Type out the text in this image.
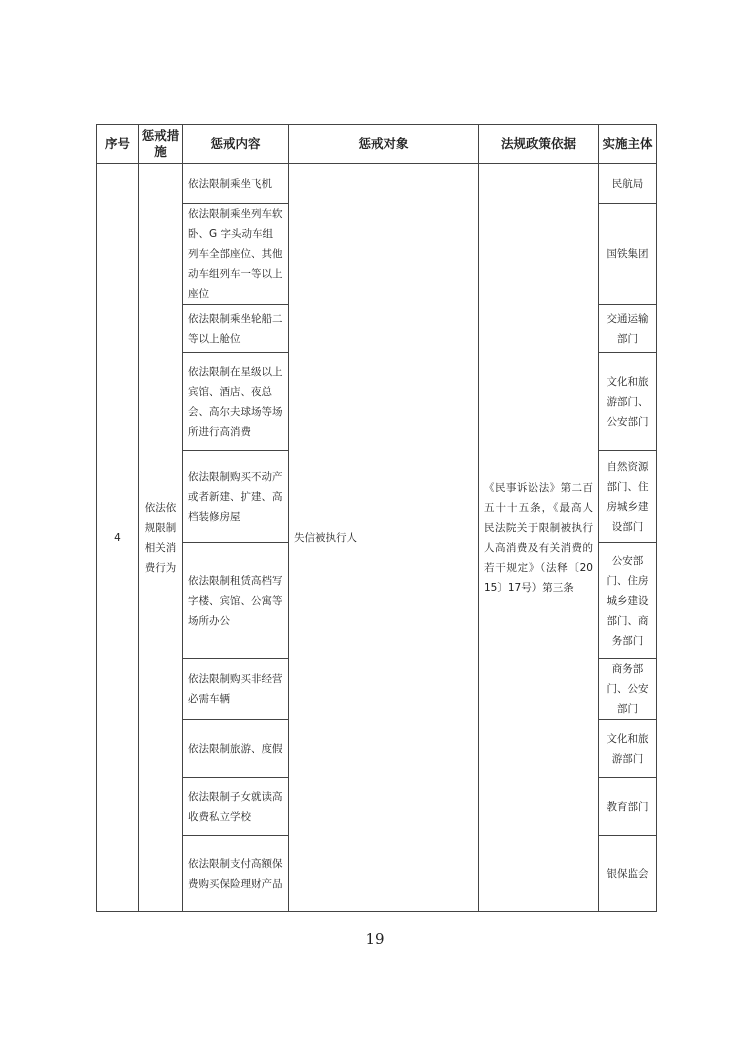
序号	惩戒措施	惩戒内容	惩戒对象	法规政策依据	实施主体
4	依法依规限制相关消费行为	依法限制乘坐飞机	失信被执行人	《民事诉讼法》第二百五十十五条，《最高人民法院关于限制被执行人高消费及有关消费的若干规定》（法释〔2015〕17号）第三条	民航局
		依法限制乘坐列车软卧、G 字头动车组列车全部座位、其他动车组列车一等以上座位			国铁集团
		依法限制乘坐轮船二等以上舱位			交通运输部门
		依法限制在星级以上宾馆、酒店、夜总会、高尔夫球场等场所进行高消费			文化和旅游部门、公安部门
		依法限制购买不动产或者新建、扩建、高档装修房屋			自然资源部门、住房城乡建设部门
		依法限制租赁高档写字楼、宾馆、公寓等场所办公			公安部门、住房城乡建设部门、商务部门
		依法限制购买非经营必需车辆			商务部门、公安部门
		依法限制旅游、度假			文化和旅游部门
		依法限制子女就读高收费私立学校			教育部门
		依法限制支付高额保费购买保险理财产品			银保监会
19
